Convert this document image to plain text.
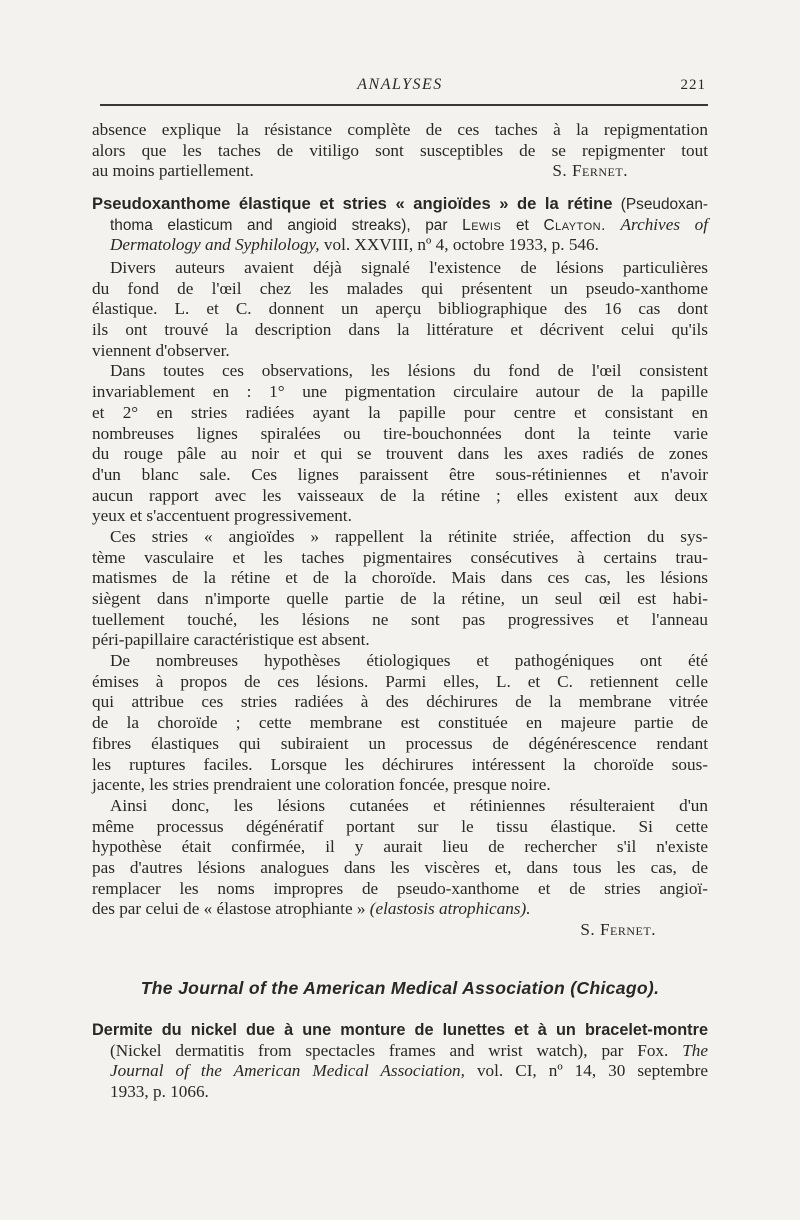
ANALYSES	221
absence explique la résistance complète de ces taches à la repigmentation
alors que les taches de vitiligo sont susceptibles de se repigmenter tout
au moins partiellement.	S. Fernet.
Pseudoxanthome élastique et stries « angioïdes » de la rétine (Pseudoxan-
thoma elasticum and angioid streaks), par Lewis et Clayton. Archives of
Dermatology and Syphilology, vol. XXVIII, nº 4, octobre 1933, p. 546.
Divers auteurs avaient déjà signalé l'existence de lésions particulières
du fond de l'œil chez les malades qui présentent un pseudo-xanthome
élastique. L. et C. donnent un aperçu bibliographique des 16 cas dont
ils ont trouvé la description dans la littérature et décrivent celui qu'ils
viennent d'observer.
Dans toutes ces observations, les lésions du fond de l'œil consistent
invariablement en : 1° une pigmentation circulaire autour de la papille
et 2° en stries radiées ayant la papille pour centre et consistant en
nombreuses lignes spiralées ou tire-bouchonnées dont la teinte varie
du rouge pâle au noir et qui se trouvent dans les axes radiés de zones
d'un blanc sale. Ces lignes paraissent être sous-rétiniennes et n'avoir
aucun rapport avec les vaisseaux de la rétine ; elles existent aux deux
yeux et s'accentuent progressivement.
Ces stries « angioïdes » rappellent la rétinite striée, affection du sys-
tème vasculaire et les taches pigmentaires consécutives à certains trau-
matismes de la rétine et de la choroïde. Mais dans ces cas, les lésions
siègent dans n'importe quelle partie de la rétine, un seul œil est habi-
tuellement touché, les lésions ne sont pas progressives et l'anneau
péri-papillaire caractéristique est absent.
De nombreuses hypothèses étiologiques et pathogéniques ont été
émises à propos de ces lésions. Parmi elles, L. et C. retiennent celle
qui attribue ces stries radiées à des déchirures de la membrane vitrée
de la choroïde ; cette membrane est constituée en majeure partie de
fibres élastiques qui subiraient un processus de dégénérescence rendant
les ruptures faciles. Lorsque les déchirures intéressent la choroïde sous-
jacente, les stries prendraient une coloration foncée, presque noire.
Ainsi donc, les lésions cutanées et rétiniennes résulteraient d'un
même processus dégénératif portant sur le tissu élastique. Si cette
hypothèse était confirmée, il y aurait lieu de rechercher s'il n'existe
pas d'autres lésions analogues dans les viscères et, dans tous les cas, de
remplacer les noms impropres de pseudo-xanthome et de stries angioï-
des par celui de « élastose atrophiante » (elastosis atrophicans).
S. Fernet.
The Journal of the American Medical Association (Chicago).
Dermite du nickel due à une monture de lunettes et à un bracelet-montre
(Nickel dermatitis from spectacles frames and wrist watch), par Fox. The
Journal of the American Medical Association, vol. CI, nº 14, 30 septembre
1933, p. 1066.
